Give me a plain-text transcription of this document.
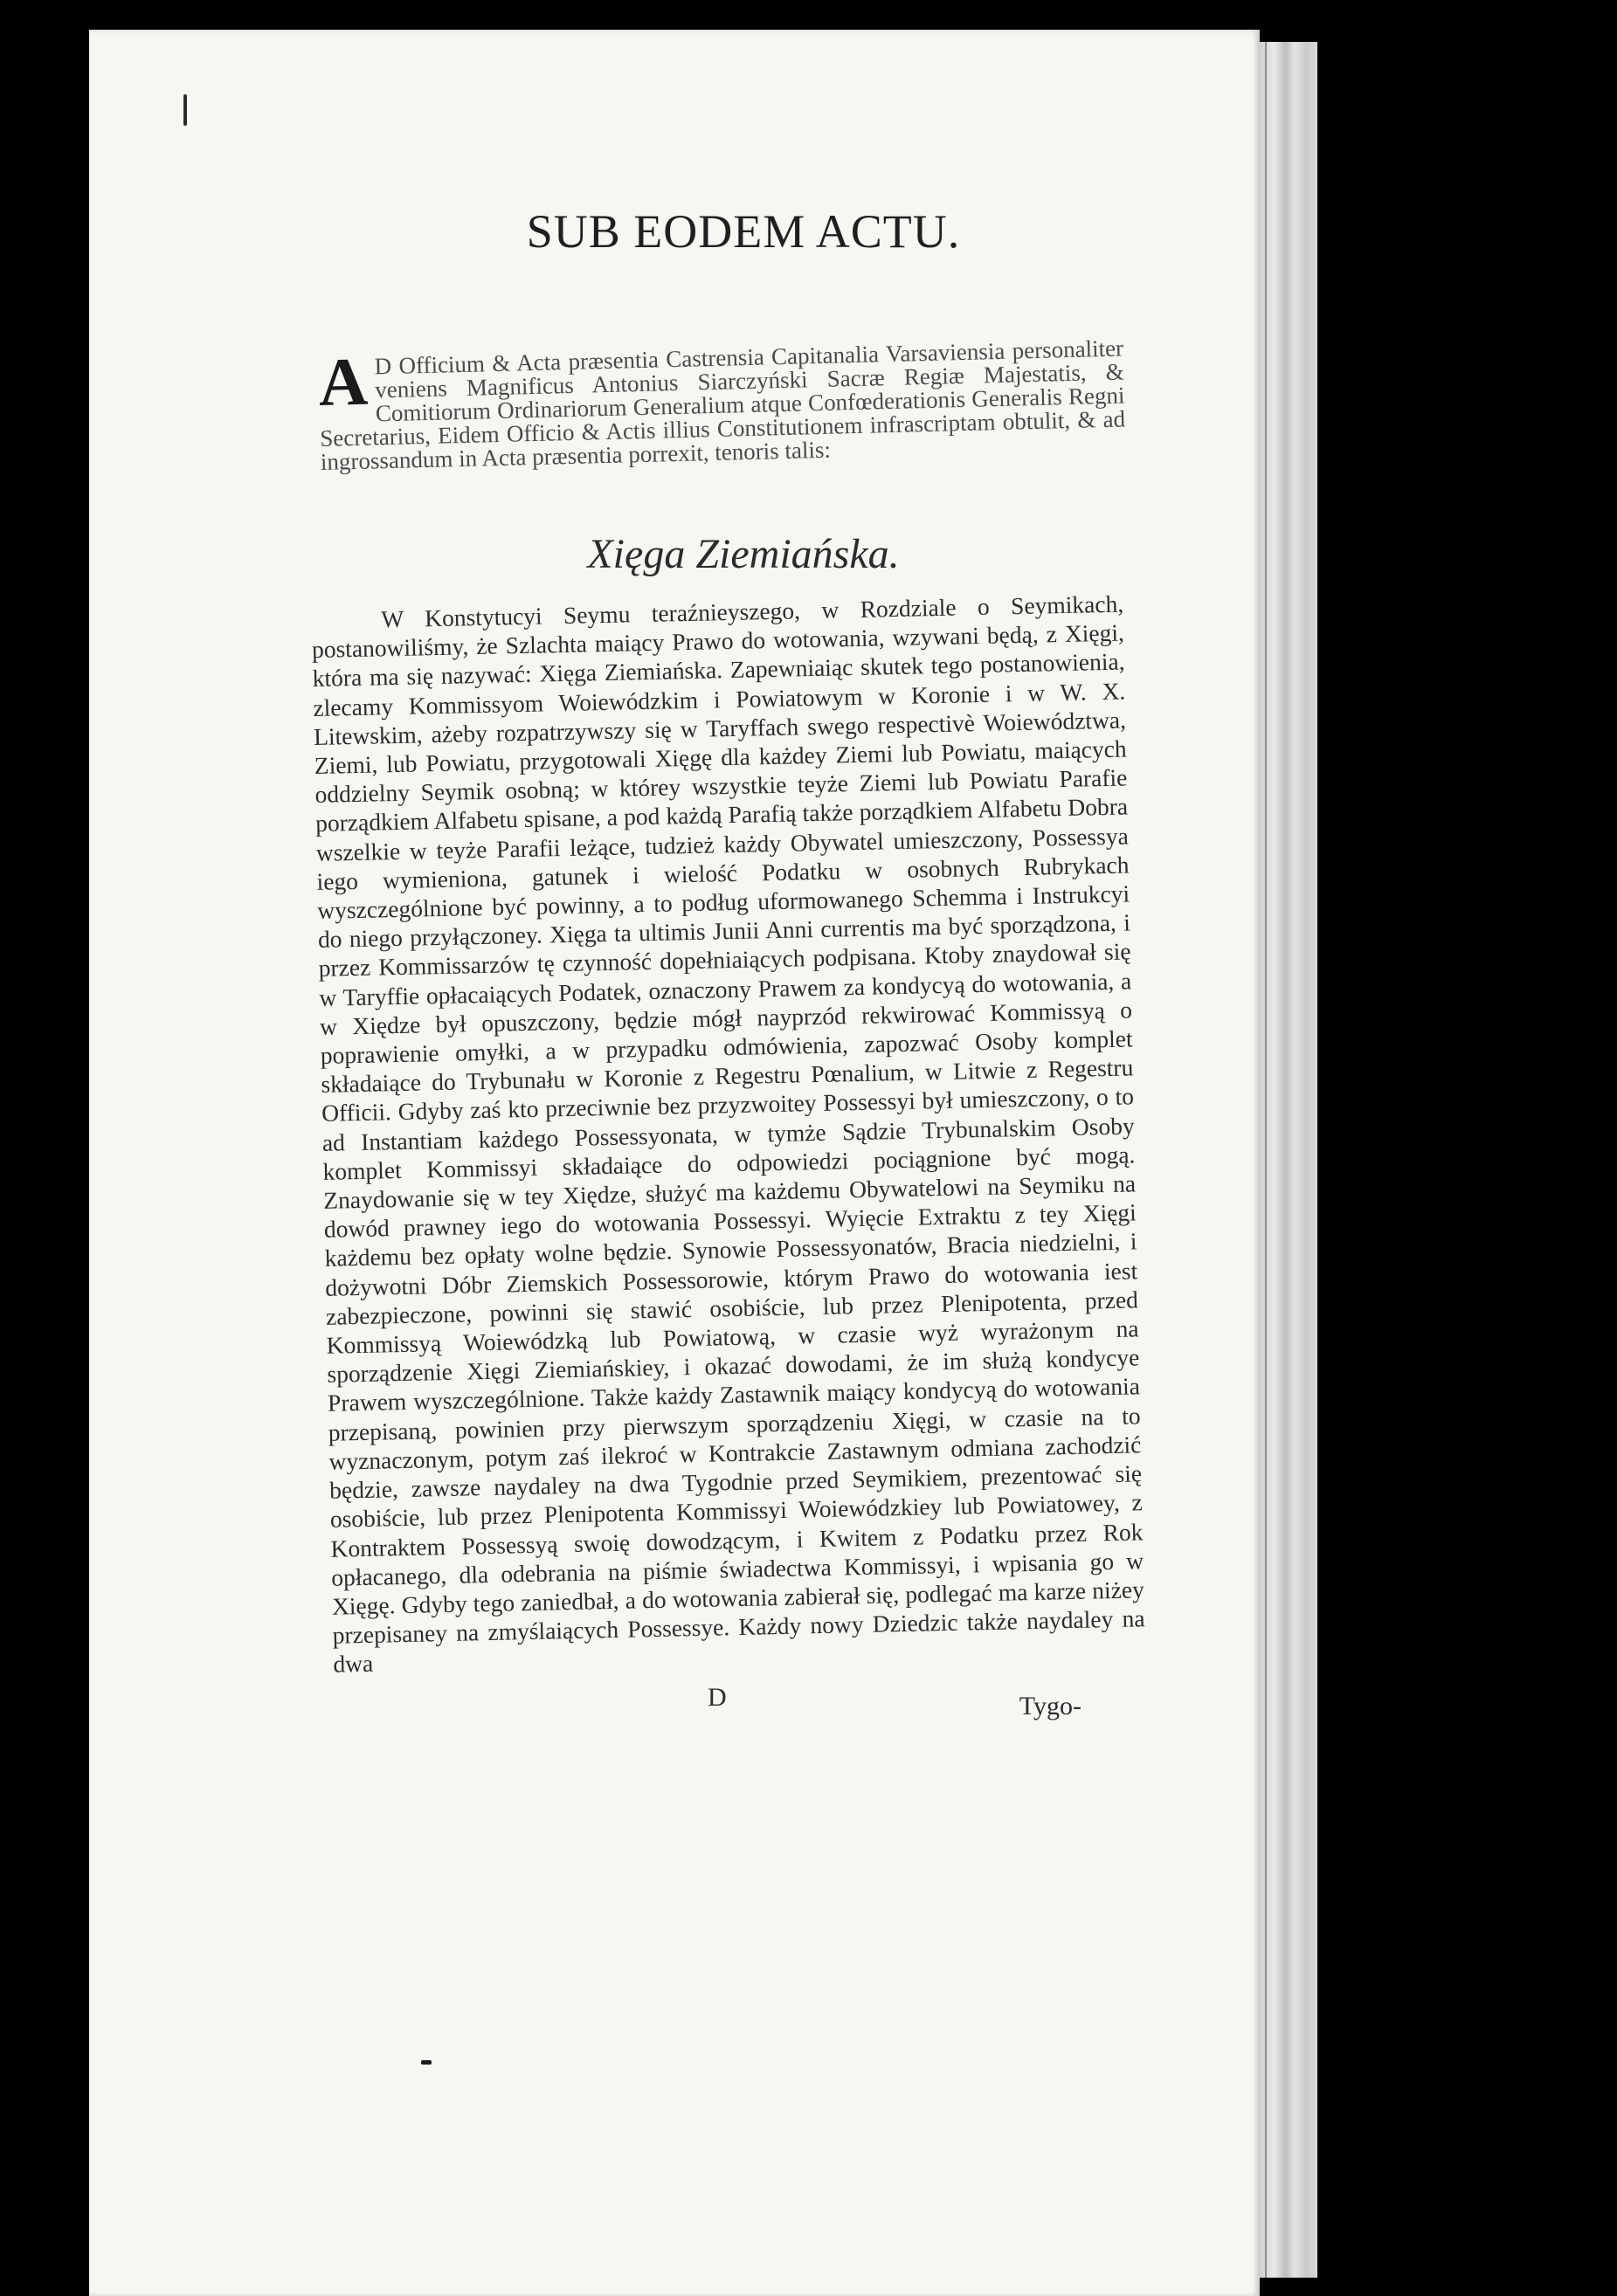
SUB EODEM ACTU.
A D Officium & Acta præsentia Castrensia Capitanalia Varsaviensia personaliter veniens Magnificus Antonius Siarczyński Sacræ Regiæ Majestatis, & Comitiorum Ordinariorum Generalium atque Confœderationis Generalis Regni Secretarius, Eidem Officio & Actis illius Constitutionem infrascriptam obtulit, & ad ingrossandum in Acta præsentia porrexit, tenoris talis:
Xięga Ziemiańska.

W Konstytucyi Seymu teraźnieyszego, w Rozdziale o Seymikach, postanowiliśmy, że Szlachta maiący Prawo do wotowania, wzywani będą, z Xięgi, która ma się nazywać: Xięga Ziemiańska. Zapewniaiąc skutek tego postanowienia, zlecamy Kommissyom Woiewódzkim i Powiatowym w Koronie i w W. X. Litewskim, ażeby rozpatrzywszy się w Taryffach swego respectivè Woiewództwa, Ziemi, lub Powiatu, przygotowali Xięgę dla każdey Ziemi lub Powiatu, maiących oddzielny Seymik osobną; w którey wszystkie teyże Ziemi lub Powiatu Parafie porządkiem Alfabetu spisane, a pod każdą Parafią także porządkiem Alfabetu Dobra wszelkie w teyże Parafii leżące, tudzież każdy Obywatel umieszczony, Possessya iego wymieniona, gatunek i wielość Podatku w osobnych Rubrykach wyszczególnione być powinny, a to podług uformowanego Schemma i Instrukcyi do niego przyłączoney. Xięga ta ultimis Junii Anni currentis ma być sporządzona, i przez Kommissarzów tę czynność dopełniaiących podpisana. Ktoby znaydował się w Taryffie opłacaiących Podatek, oznaczony Prawem za kondycyą do wotowania, a w Xiędze był opuszczony, będzie mógł nayprzód rekwirować Kommissyą o poprawienie omyłki, a w przypadku odmówienia, zapozwać Osoby komplet składaiące do Trybunału w Koronie z Regestru Pœnalium, w Litwie z Regestru Officii. Gdyby zaś kto przeciwnie bez przyzwoitey Possessyi był umieszczony, o to ad Instantiam każdego Possessyonata, w tymże Sądzie Trybunalskim Osoby komplet Kommissyi składaiące do odpowiedzi pociągnione być mogą. Znaydowanie się w tey Xiędze, służyć ma każdemu Obywatelowi na Seymiku na dowód prawney iego do wotowania Possessyi. Wyięcie Extraktu z tey Xięgi każdemu bez opłaty wolne będzie. Synowie Possessyonatów, Bracia niedzielni, i dożywotni Dóbr Ziemskich Possessorowie, którym Prawo do wotowania iest zabezpieczone, powinni się stawić osobiście, lub przez Plenipotenta, przed Kommissyą Woiewódzką lub Powiatową, w czasie wyż wyrażonym na sporządzenie Xięgi Ziemiańskiey, i okazać dowodami, że im służą kondycye Prawem wyszczególnione. Także każdy Zastawnik maiący kondycyą do wotowania przepisaną, powinien przy pierwszym sporządzeniu Xięgi, w czasie na to wyznaczonym, potym zaś ilekroć w Kontrakcie Zastawnym odmiana zachodzić będzie, zawsze naydaley na dwa Tygodnie przed Seymikiem, prezentować się osobiście, lub przez Plenipotenta Kommissyi Woiewódzkiey lub Powiatowey, z Kontraktem Possessyą swoię dowodzącym, i Kwitem z Podatku przez Rok opłacanego, dla odebrania na piśmie świadectwa Kommissyi, i wpisania go w Xięgę. Gdyby tego zaniedbał, a do wotowania zabierał się, podlegać ma karze niżey przepisaney na zmyślaiących Possessye. Każdy nowy Dziedzic także naydaley na dwa

D	Tygo-
